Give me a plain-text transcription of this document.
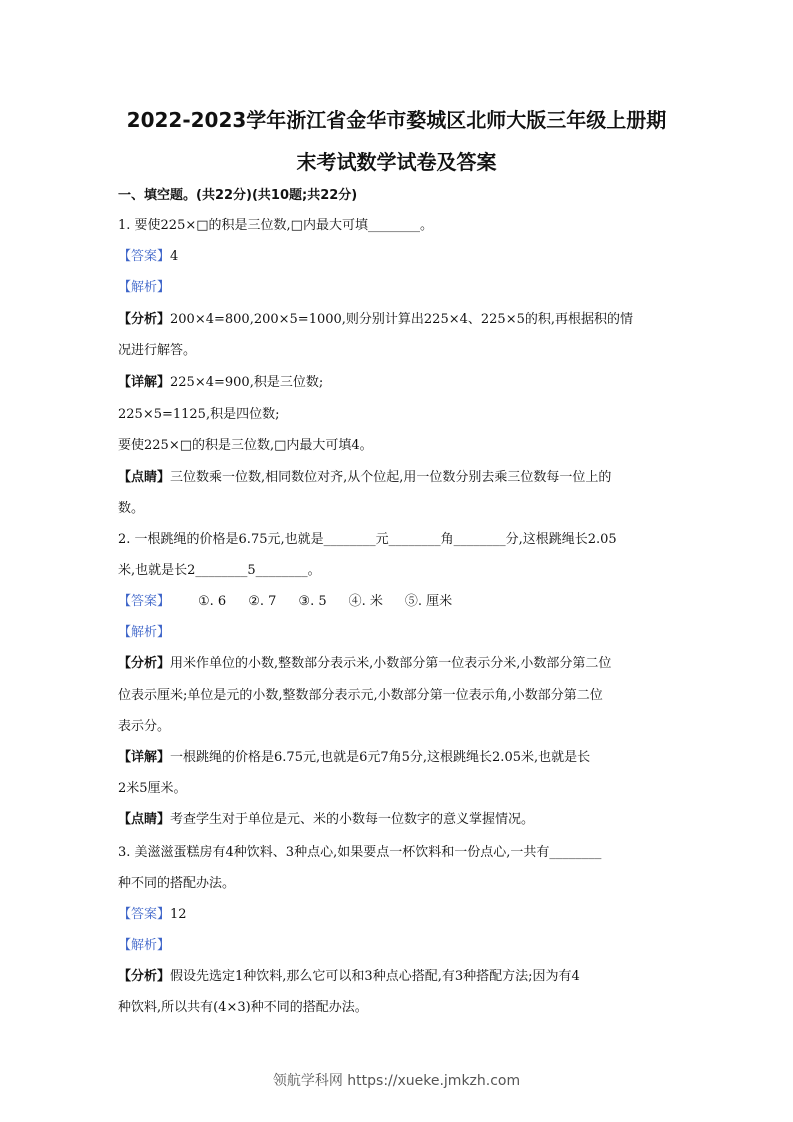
2022-2023学年浙江省金华市婺城区北师大版三年级上册期
末考试数学试卷及答案
一、填空题。(共22分)(共10题;共22分)
1. 要使225×□的积是三位数,□内最大可填________。
【答案】4
【解析】
【分析】200×4=800,200×5=1000,则分别计算出225×4、225×5的积,再根据积的情
况进行解答。
【详解】225×4=900,积是三位数;
225×5=1125,积是四位数;
要使225×□的积是三位数,□内最大可填4。
【点睛】三位数乘一位数,相同数位对齐,从个位起,用一位数分别去乘三位数每一位上的
数。
2. 一根跳绳的价格是6.75元,也就是________元________角________分,这根跳绳长2.05
米,也就是长2________5________。
【答案】 ①. 6 ②. 7 ③. 5 ④. 米 ⑤. 厘米
【解析】
【分析】用米作单位的小数,整数部分表示米,小数部分第一位表示分米,小数部分第二位
位表示厘米;单位是元的小数,整数部分表示元,小数部分第一位表示角,小数部分第二位
表示分。
【详解】一根跳绳的价格是6.75元,也就是6元7角5分,这根跳绳长2.05米,也就是长
2米5厘米。
【点睛】考查学生对于单位是元、米的小数每一位数字的意义掌握情况。
3. 美滋滋蛋糕房有4种饮料、3种点心,如果要点一杯饮料和一份点心,一共有________
种不同的搭配办法。
【答案】12
【解析】
【分析】假设先选定1种饮料,那么它可以和3种点心搭配,有3种搭配方法;因为有4
种饮料,所以共有(4×3)种不同的搭配办法。
领航学科网 https://xueke.jmkzh.com
